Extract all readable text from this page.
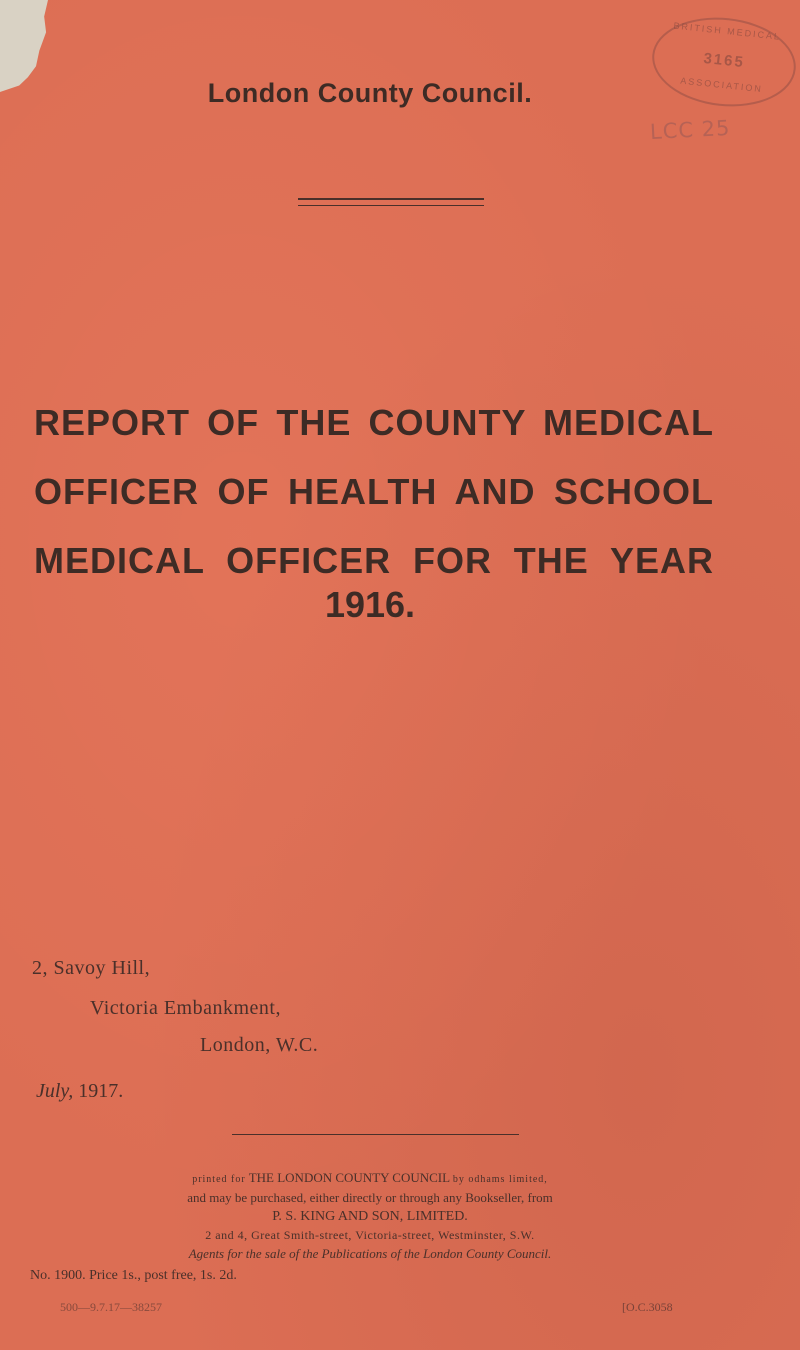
London County Council.
BRITISH MEDICAL
3165
ASSOCIATION
LCC 25
REPORT OF THE COUNTY MEDICAL
OFFICER OF HEALTH AND SCHOOL
MEDICAL OFFICER FOR THE YEAR
1916.
2, Savoy Hill,
Victoria Embankment,
London, W.C.
July, 1917.
printed for THE LONDON COUNTY COUNCIL by odhams limited,
and may be purchased, either directly or through any Bookseller, from
P. S. KING AND SON, LIMITED.
2 and 4, Great Smith-street, Victoria-street, Westminster, S.W.
Agents for the sale of the Publications of the London County Council.
No. 1900. Price 1s., post free, 1s. 2d.
500—9.7.17—38257	[O.C.3058
